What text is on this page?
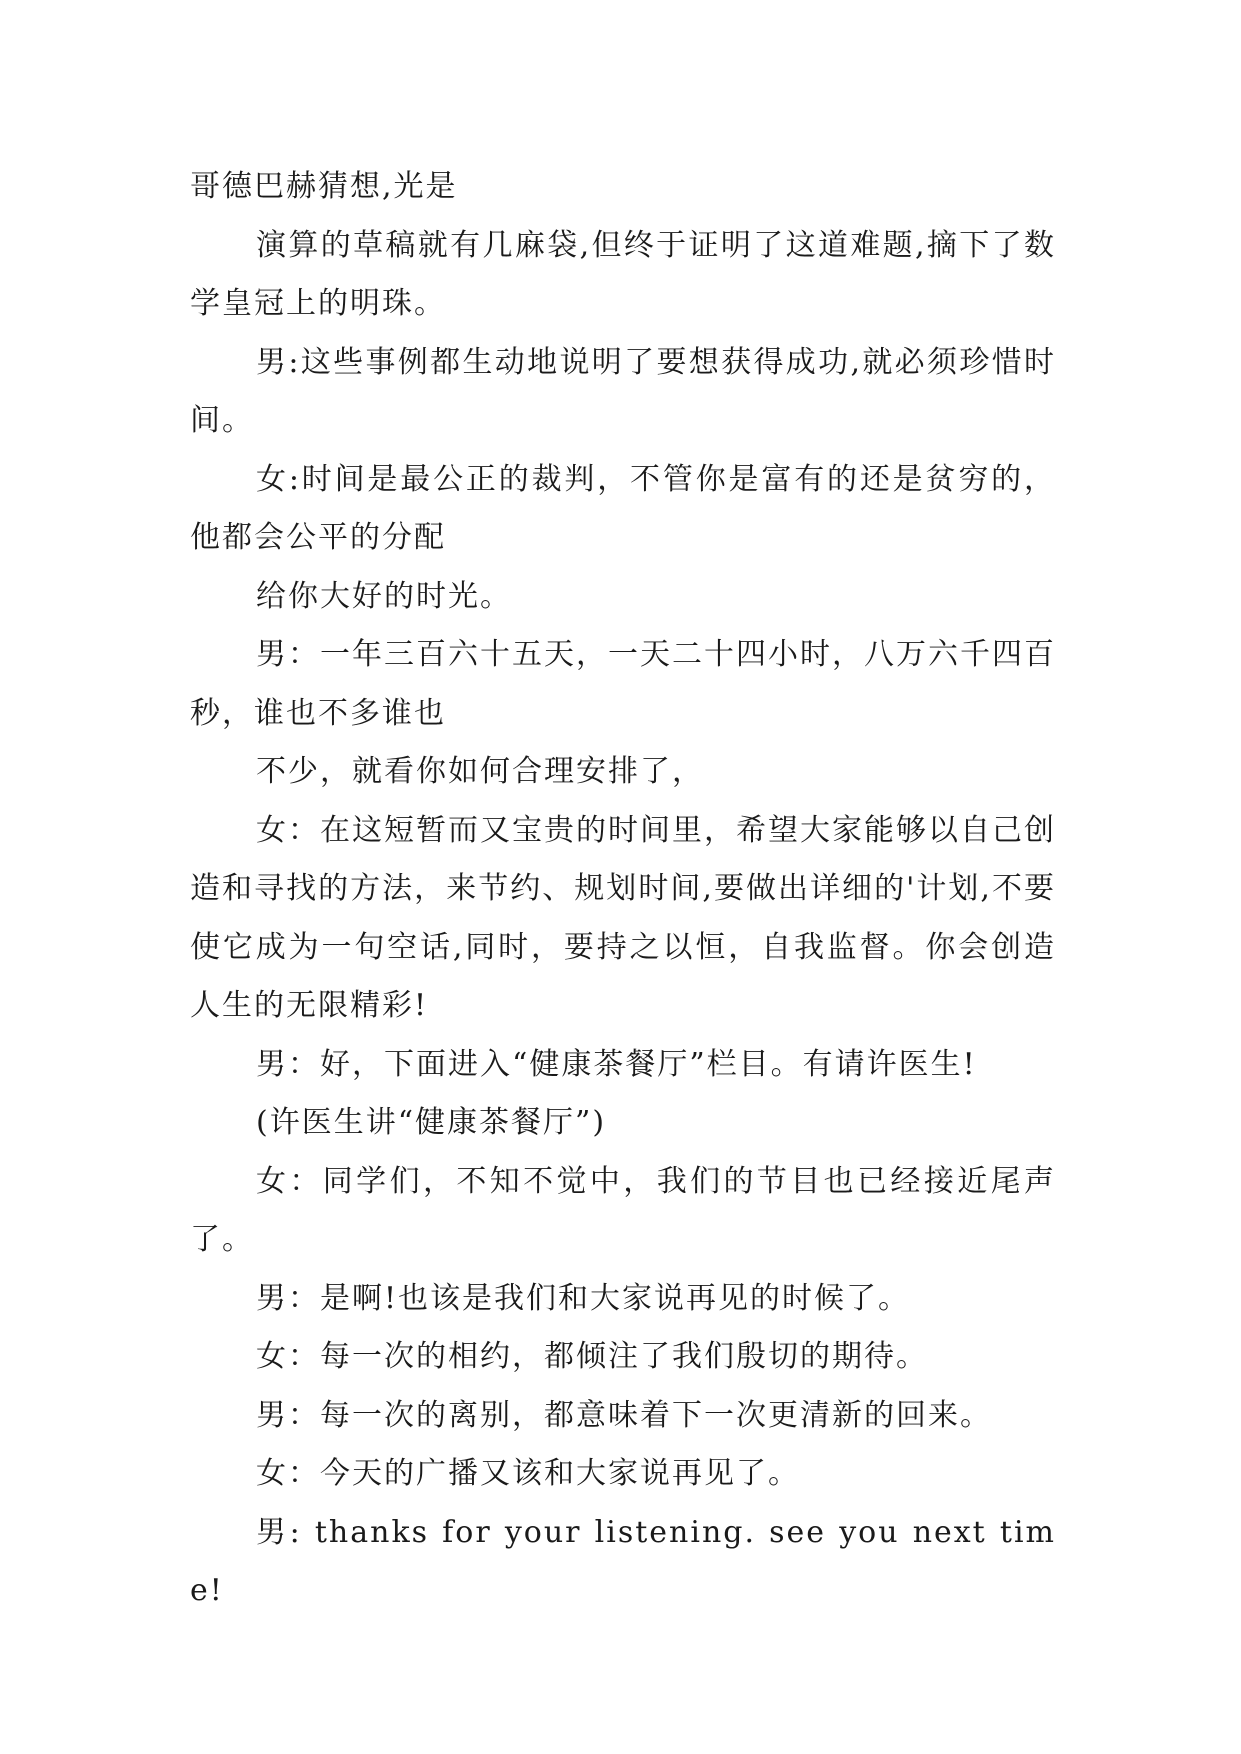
哥德巴赫猜想,光是

演算的草稿就有几麻袋,但终于证明了这道难题,摘下了数学皇冠上的明珠。

男:这些事例都生动地说明了要想获得成功,就必须珍惜时间。

女:时间是最公正的裁判，不管你是富有的还是贫穷的，他都会公平的分配

给你大好的时光。

男：一年三百六十五天，一天二十四小时，八万六千四百秒，谁也不多谁也

不少，就看你如何合理安排了，

女：在这短暂而又宝贵的时间里，希望大家能够以自己创造和寻找的方法，来节约、规划时间,要做出详细的'计划,不要使它成为一句空话,同时，要持之以恒，自我监督。你会创造人生的无限精彩!

男：好，下面进入“健康茶餐厅”栏目。有请许医生!

(许医生讲“健康茶餐厅”)

女：同学们，不知不觉中，我们的节目也已经接近尾声了。

男：是啊!也该是我们和大家说再见的时候了。

女：每一次的相约，都倾注了我们殷切的期待。

男：每一次的离别，都意味着下一次更清新的回来。

女：今天的广播又该和大家说再见了。

男: thanks for your listening. see you next time!
